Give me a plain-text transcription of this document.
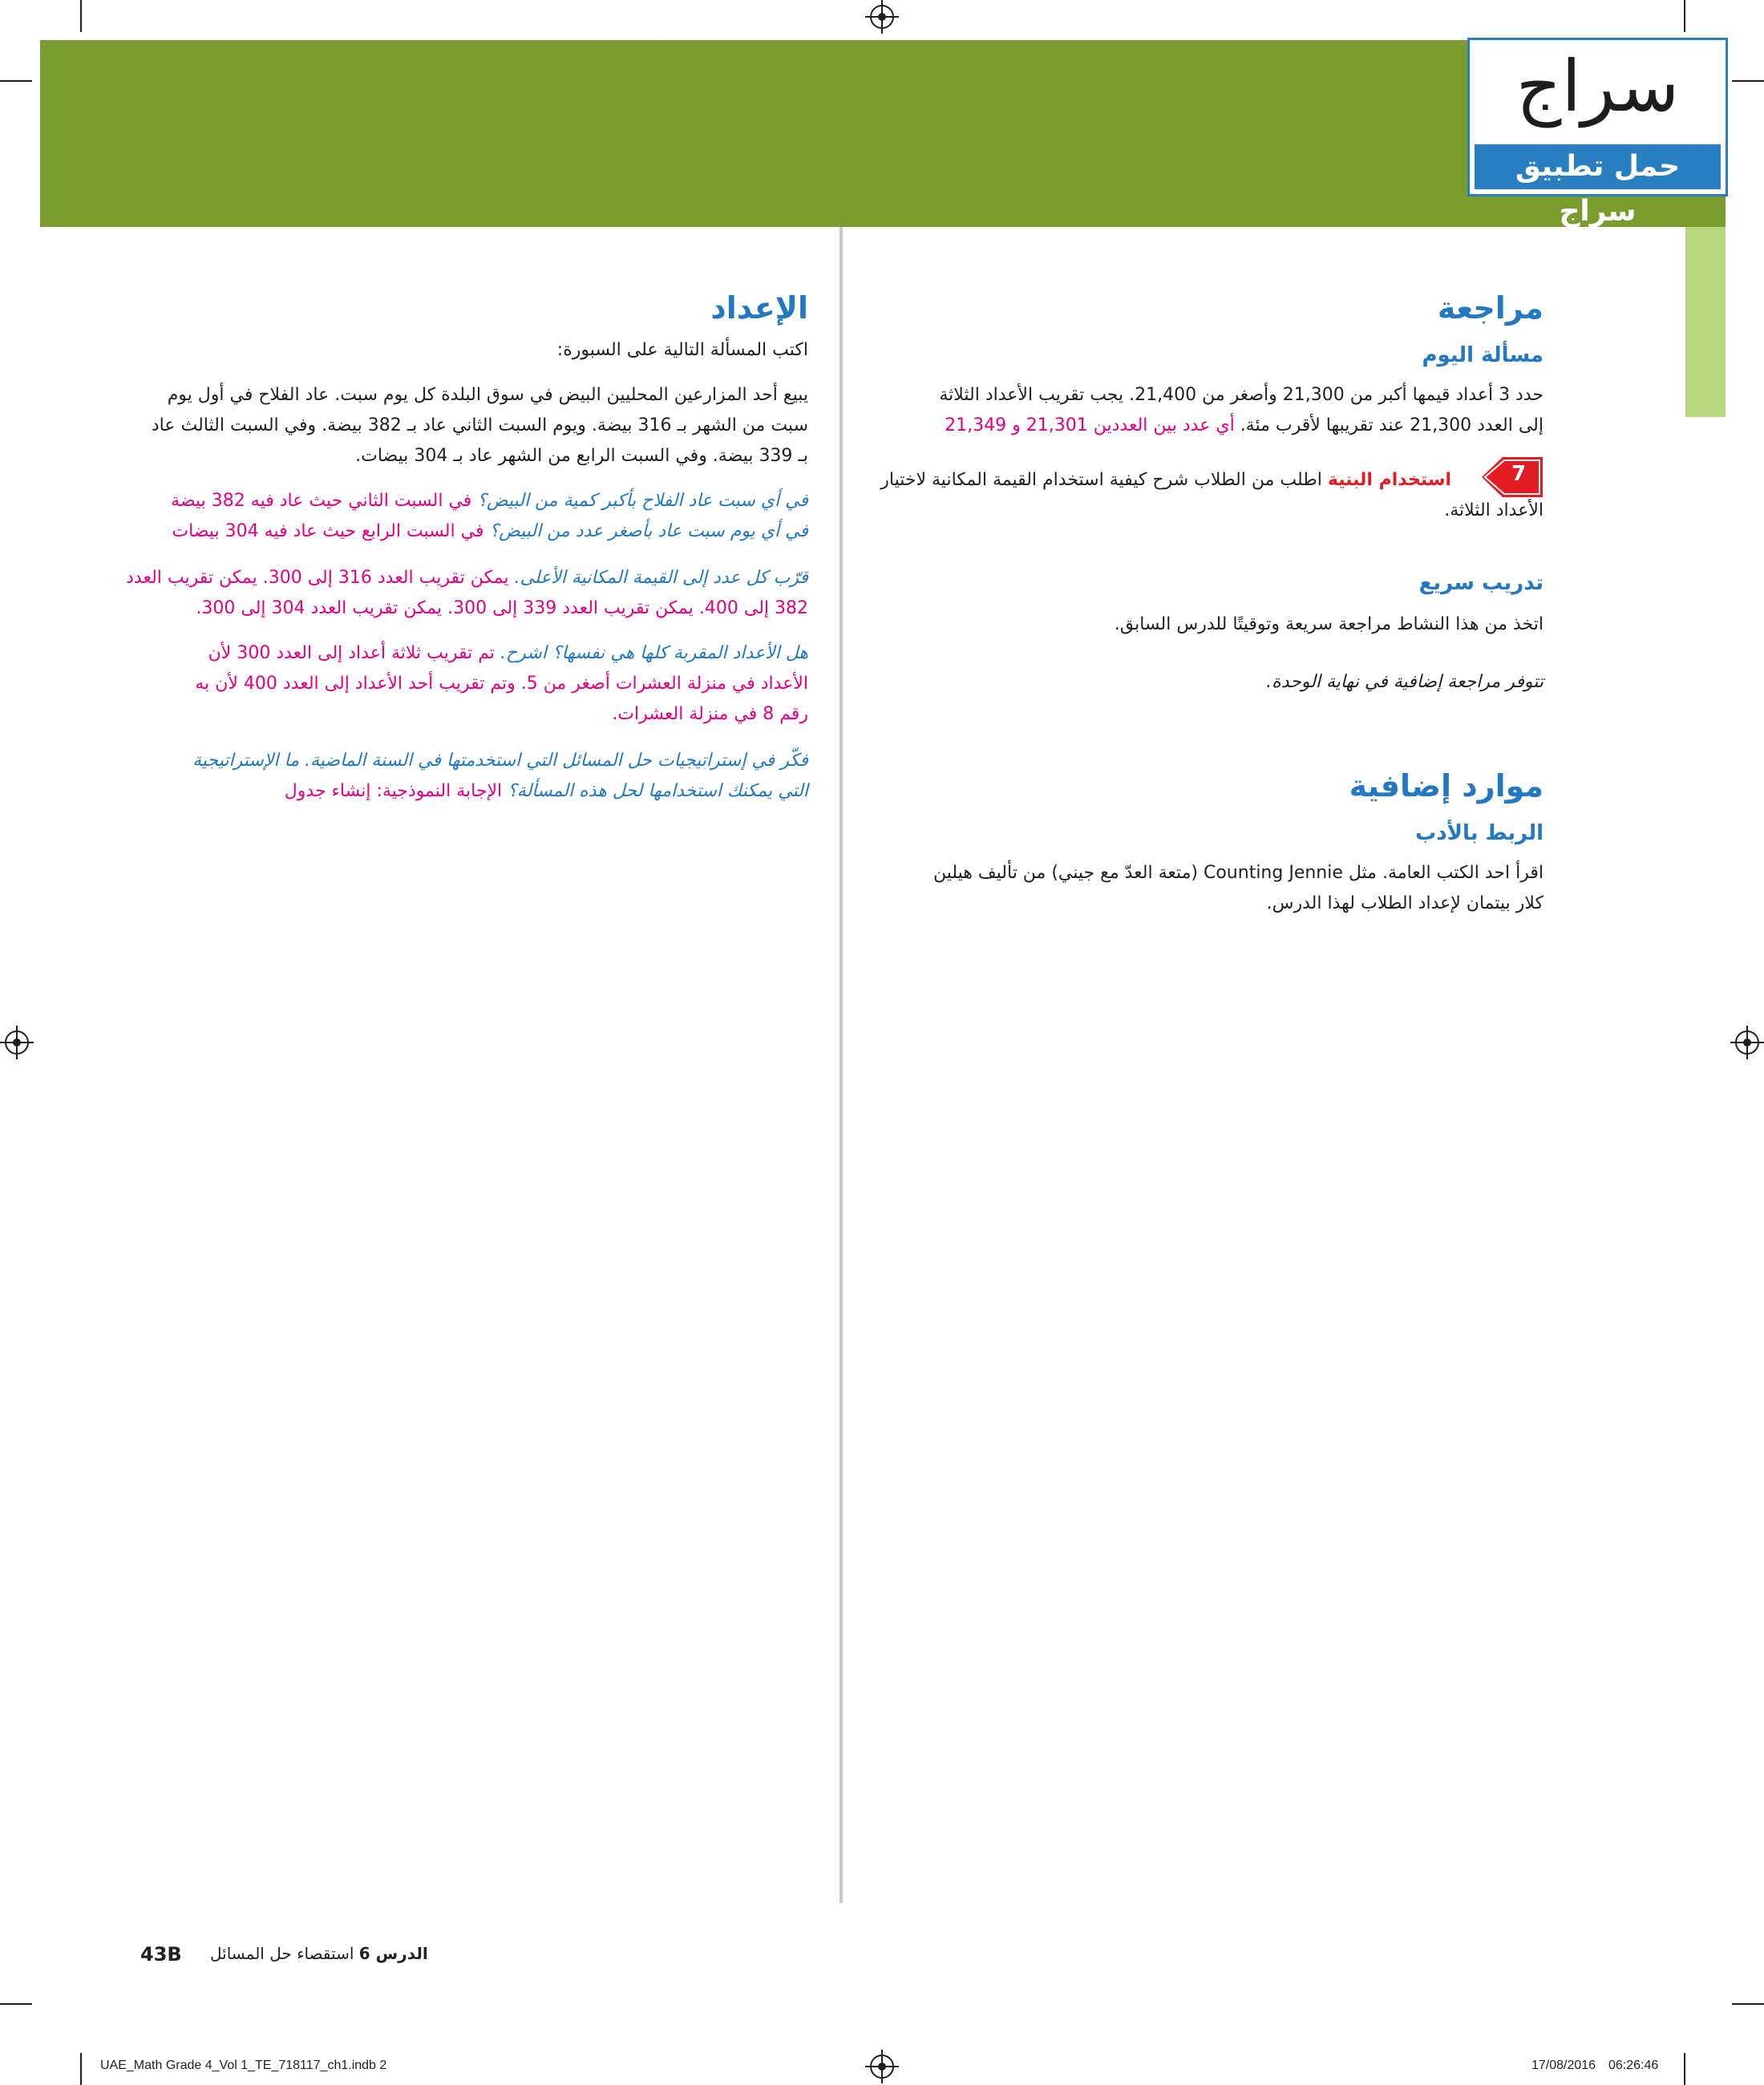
سراج
حمل تطبيق سراج
مراجعة
مسألة اليوم
حدد 3 أعداد قيمها أكبر من 21,300 وأصغر من 21,400. يجب تقريب الأعداد الثلاثة
إلى العدد 21,300 عند تقريبها لأقرب مئة. أي عدد بين العددين 21,301 و 21,349
7
استخدام البنية اطلب من الطلاب شرح كيفية استخدام القيمة المكانية لاختيار
الأعداد الثلاثة.
تدريب سريع
اتخذ من هذا النشاط مراجعة سريعة وتوقيتًا للدرس السابق.
تتوفر مراجعة إضافية في نهاية الوحدة.
موارد إضافية
الربط بالأدب
اقرأ احد الكتب العامة. مثل Counting Jennie (متعة العدّ مع جيني) من تأليف هيلين
كلار بيتمان لإعداد الطلاب لهذا الدرس.
الإعداد
اكتب المسألة التالية على السبورة:
يبيع أحد المزارعين المحليين البيض في سوق البلدة كل يوم سبت. عاد الفلاح في أول يوم
سبت من الشهر بـ 316 بيضة. ويوم السبت الثاني عاد بـ 382 بيضة. وفي السبت الثالث عاد
بـ 339 بيضة. وفي السبت الرابع من الشهر عاد بـ 304 بيضات.
في أي سبت عاد الفلاح بأكبر كمية من البيض؟ في السبت الثاني حيث عاد فيه 382 بيضة
في أي يوم سبت عاد بأصغر عدد من البيض؟ في السبت الرابع حيث عاد فيه 304 بيضات
قرّب كل عدد إلى القيمة المكانية الأعلى. يمكن تقريب العدد 316 إلى 300. يمكن تقريب العدد
382 إلى 400. يمكن تقريب العدد 339 إلى 300. يمكن تقريب العدد 304 إلى 300.
هل الأعداد المقربة كلها هي نفسها؟ اشرح. تم تقريب ثلاثة أعداد إلى العدد 300 لأن
الأعداد في منزلة العشرات أصغر من 5. وتم تقريب أحد الأعداد إلى العدد 400 لأن به
رقم 8 في منزلة العشرات.
فكّر في إستراتيجيات حل المسائل التي استخدمتها في السنة الماضية. ما الإستراتيجية
التي يمكنك استخدامها لحل هذه المسألة؟ الإجابة النموذجية: إنشاء جدول
43B	الدرس 6 استقصاء حل المسائل
UAE_Math Grade 4_Vol 1_TE_718117_ch1.indb 2	17/08/2016 06:26:46
